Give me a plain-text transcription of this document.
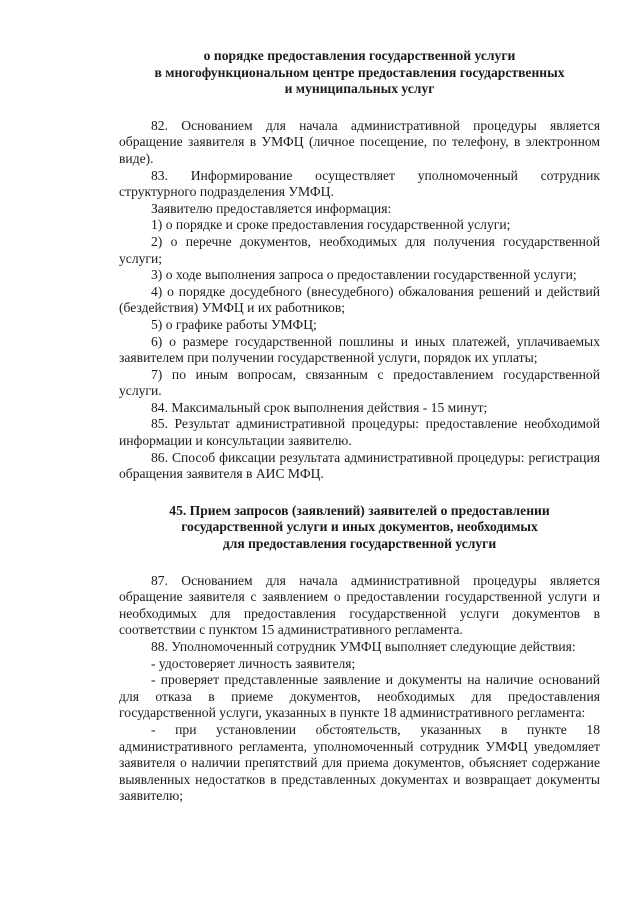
о порядке предоставления государственной услуги
в многофункциональном центре предоставления государственных
и муниципальных услуг

82. Основанием для начала административной процедуры является обращение заявителя в УМФЦ (личное посещение, по телефону, в электронном виде).

83. Информирование осуществляет уполномоченный сотрудник структурного подразделения УМФЦ.

Заявителю предоставляется информация:

1) о порядке и сроке предоставления государственной услуги;

2) о перечне документов, необходимых для получения государственной услуги;

3) о ходе выполнения запроса о предоставлении государственной услуги;

4) о порядке досудебного (внесудебного) обжалования решений и действий (бездействия) УМФЦ и их работников;

5) о графике работы УМФЦ;

6) о размере государственной пошлины и иных платежей, уплачиваемых заявителем при получении государственной услуги, порядок их уплаты;

7) по иным вопросам, связанным с предоставлением государственной услуги.

84. Максимальный срок выполнения действия - 15 минут;

85. Результат административной процедуры: предоставление необходимой информации и консультации заявителю.

86. Способ фиксации результата административной процедуры: регистрация обращения заявителя в АИС МФЦ.

45. Прием запросов (заявлений) заявителей о предоставлении
государственной услуги и иных документов, необходимых
для предоставления государственной услуги

87. Основанием для начала административной процедуры является обращение заявителя с заявлением о предоставлении государственной услуги и необходимых для предоставления государственной услуги документов в соответствии с пунктом 15 административного регламента.

88. Уполномоченный сотрудник УМФЦ выполняет следующие действия:

- удостоверяет личность заявителя;

- проверяет представленные заявление и документы на наличие оснований для отказа в приеме документов, необходимых для предоставления государственной услуги, указанных в пункте 18 административного регламента:

- при установлении обстоятельств, указанных в пункте 18 административного регламента, уполномоченный сотрудник УМФЦ уведомляет заявителя о наличии препятствий для приема документов, объясняет содержание выявленных недостатков в представленных документах и возвращает документы заявителю;
